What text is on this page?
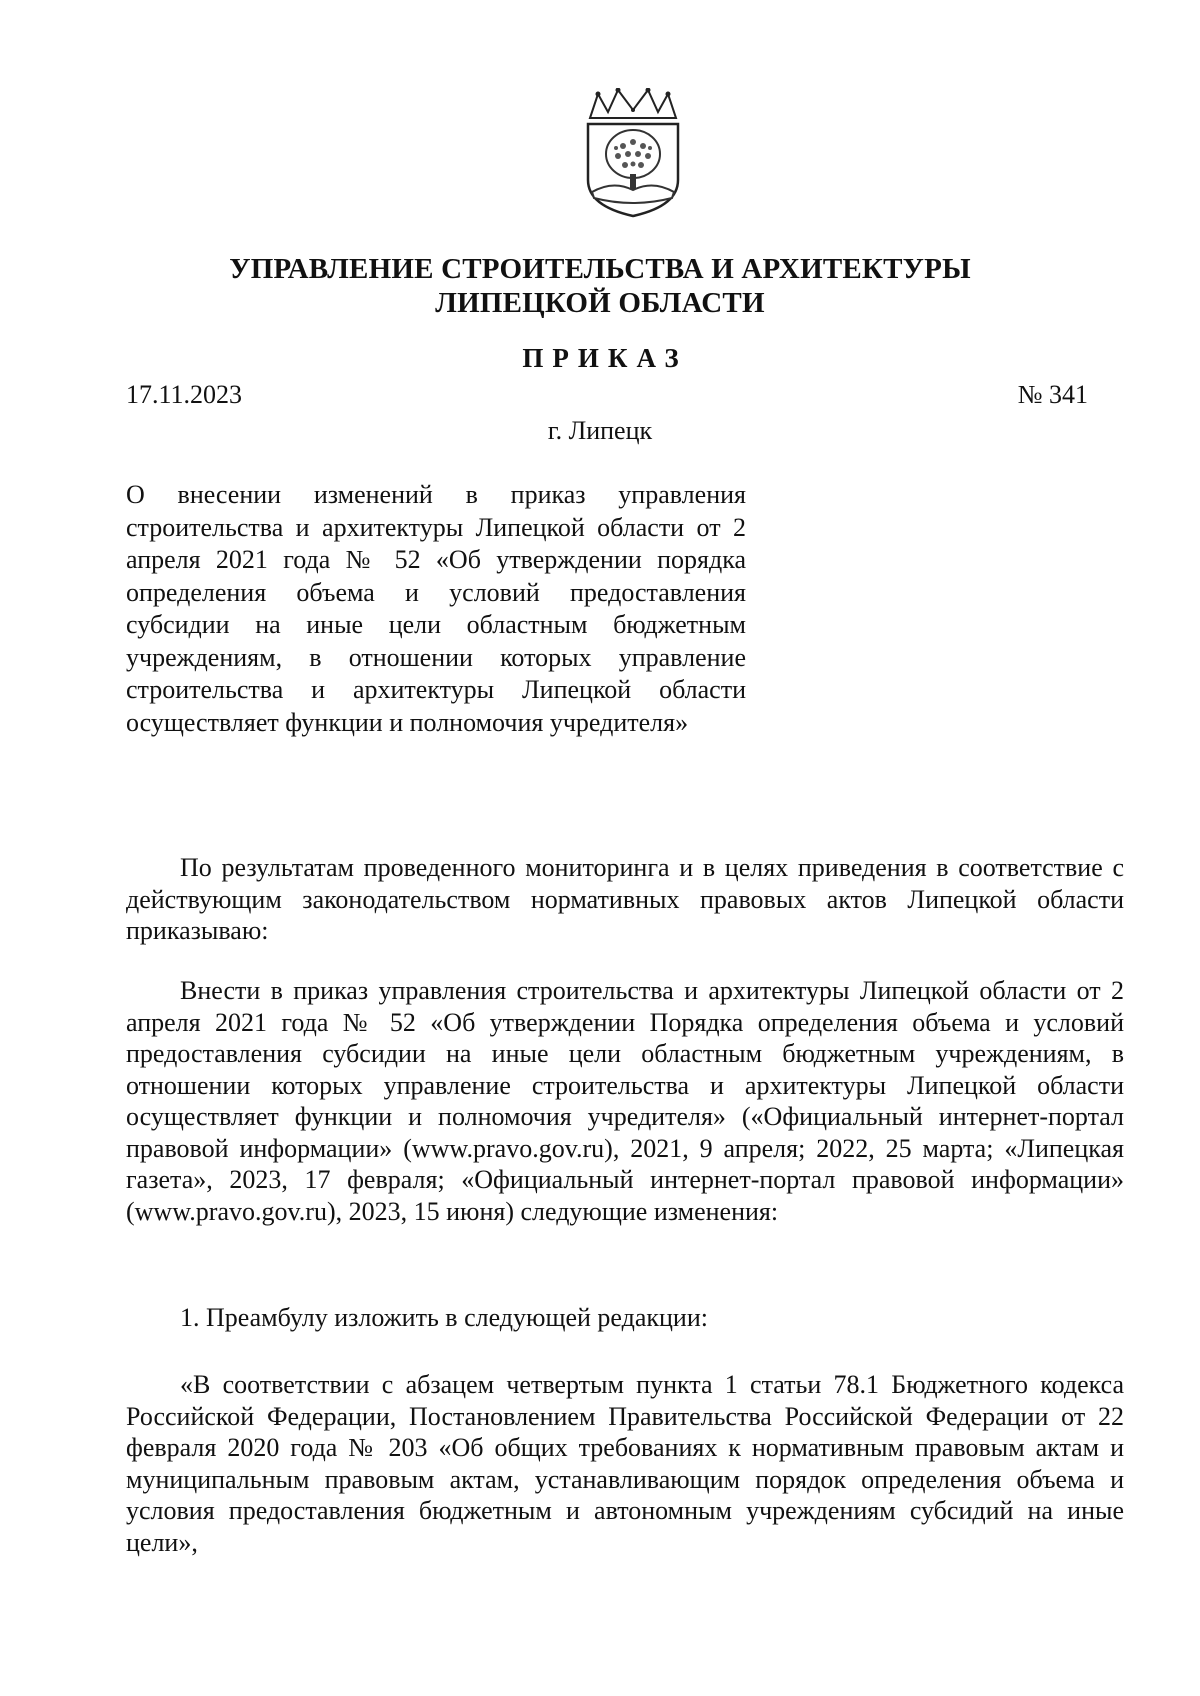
УПРАВЛЕНИЕ СТРОИТЕЛЬСТВА И АРХИТЕКТУРЫ
ЛИПЕЦКОЙ ОБЛАСТИ
ПРИКАЗ
17.11.2023	№ 341
г. Липецк
О внесении изменений в приказ управления строительства и архитектуры Липецкой области от 2 апреля 2021 года № 52 «Об утверждении порядка определения объема и условий предоставления субсидии на иные цели областным бюджетным учреждениям, в отношении которых управление строительства и архитектуры Липецкой области осуществляет функции и полномочия учредителя»

По результатам проведенного мониторинга и в целях приведения в соответствие с действующим законодательством нормативных правовых актов Липецкой области приказываю:

Внести в приказ управления строительства и архитектуры Липецкой области от 2 апреля 2021 года № 52 «Об утверждении Порядка определения объема и условий предоставления субсидии на иные цели областным бюджетным учреждениям, в отношении которых управление строительства и архитектуры Липецкой области осуществляет функции и полномочия учредителя» («Официальный интернет-портал правовой информации» (www.pravo.gov.ru), 2021, 9 апреля; 2022, 25 марта; «Липецкая газета», 2023, 17 февраля; «Официальный интернет-портал правовой информации» (www.pravo.gov.ru), 2023, 15 июня) следующие изменения:

1. Преамбулу изложить в следующей редакции:

«В соответствии с абзацем четвертым пункта 1 статьи 78.1 Бюджетного кодекса Российской Федерации, Постановлением Правительства Российской Федерации от 22 февраля 2020 года № 203 «Об общих требованиях к нормативным правовым актам и муниципальным правовым актам, устанавливающим порядок определения объема и условия предоставления бюджетным и автономным учреждениям субсидий на иные цели»,
